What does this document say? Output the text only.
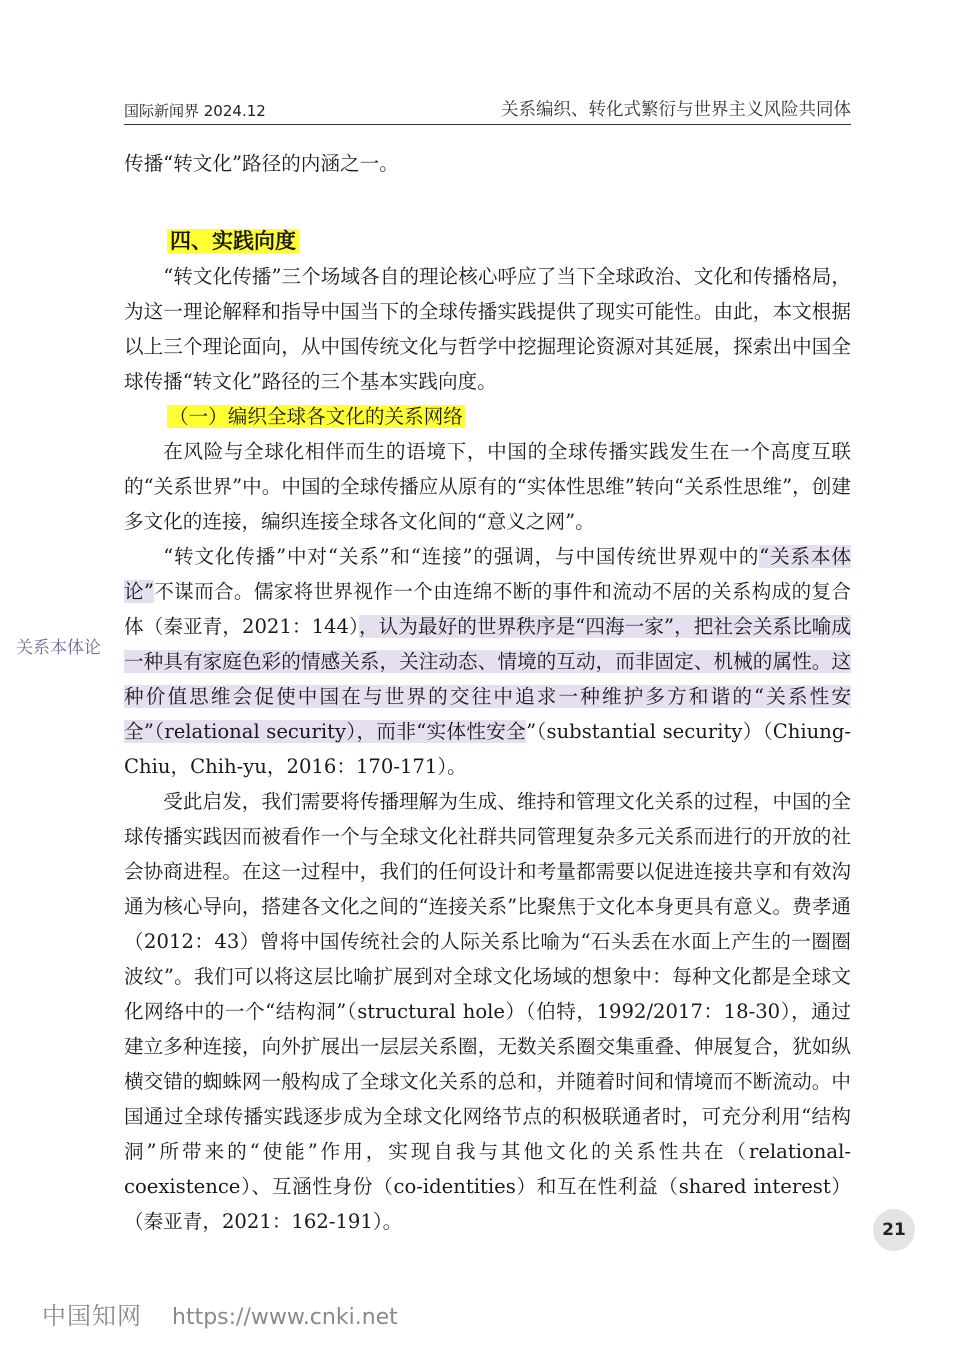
国际新闻界 2024.12	关系编织、转化式繁衍与世界主义风险共同体

传播“转文化”路径的内涵之一。

四、实践向度

“转文化传播”三个场域各自的理论核心呼应了当下全球政治、文化和传播格局，为这一理论解释和指导中国当下的全球传播实践提供了现实可能性。由此，本文根据以上三个理论面向，从中国传统文化与哲学中挖掘理论资源对其延展，探索出中国全球传播“转文化”路径的三个基本实践向度。

（一）编织全球各文化的关系网络

在风险与全球化相伴而生的语境下，中国的全球传播实践发生在一个高度互联的“关系世界”中。中国的全球传播应从原有的“实体性思维”转向“关系性思维”，创建多文化的连接，编织连接全球各文化间的“意义之网”。

“转文化传播”中对“关系”和“连接”的强调，与中国传统世界观中的“关系本体论”不谋而合。儒家将世界视作一个由连绵不断的事件和流动不居的关系构成的复合体（秦亚青，2021：144），认为最好的世界秩序是“四海一家”，把社会关系比喻成一种具有家庭色彩的情感关系，关注动态、情境的互动，而非固定、机械的属性。这种价值思维会促使中国在与世界的交往中追求一种维护多方和谐的“关系性安全”（relational security），而非“实体性安全”（substantial security）（Chiung-Chiu，Chih-yu，2016：170-171）。

受此启发，我们需要将传播理解为生成、维持和管理文化关系的过程，中国的全球传播实践因而被看作一个与全球文化社群共同管理复杂多元关系而进行的开放的社会协商进程。在这一过程中，我们的任何设计和考量都需要以促进连接共享和有效沟通为核心导向，搭建各文化之间的“连接关系”比聚焦于文化本身更具有意义。费孝通（2012：43）曾将中国传统社会的人际关系比喻为“石头丢在水面上产生的一圈圈波纹”。我们可以将这层比喻扩展到对全球文化场域的想象中：每种文化都是全球文化网络中的一个“结构洞”（structural hole）（伯特，1992/2017：18-30），通过建立多种连接，向外扩展出一层层关系圈，无数关系圈交集重叠、伸展复合，犹如纵横交错的蜘蛛网一般构成了全球文化关系的总和，并随着时间和情境而不断流动。中国通过全球传播实践逐步成为全球文化网络节点的积极联通者时，可充分利用“结构洞”所带来的“使能”作用，实现自我与其他文化的关系性共在（relational-coexistence）、互涵性身份（co-identities）和互在性利益（shared interest）（秦亚青，2021：162-191）。

关系本体论
21
中国知网 https://www.cnki.net
